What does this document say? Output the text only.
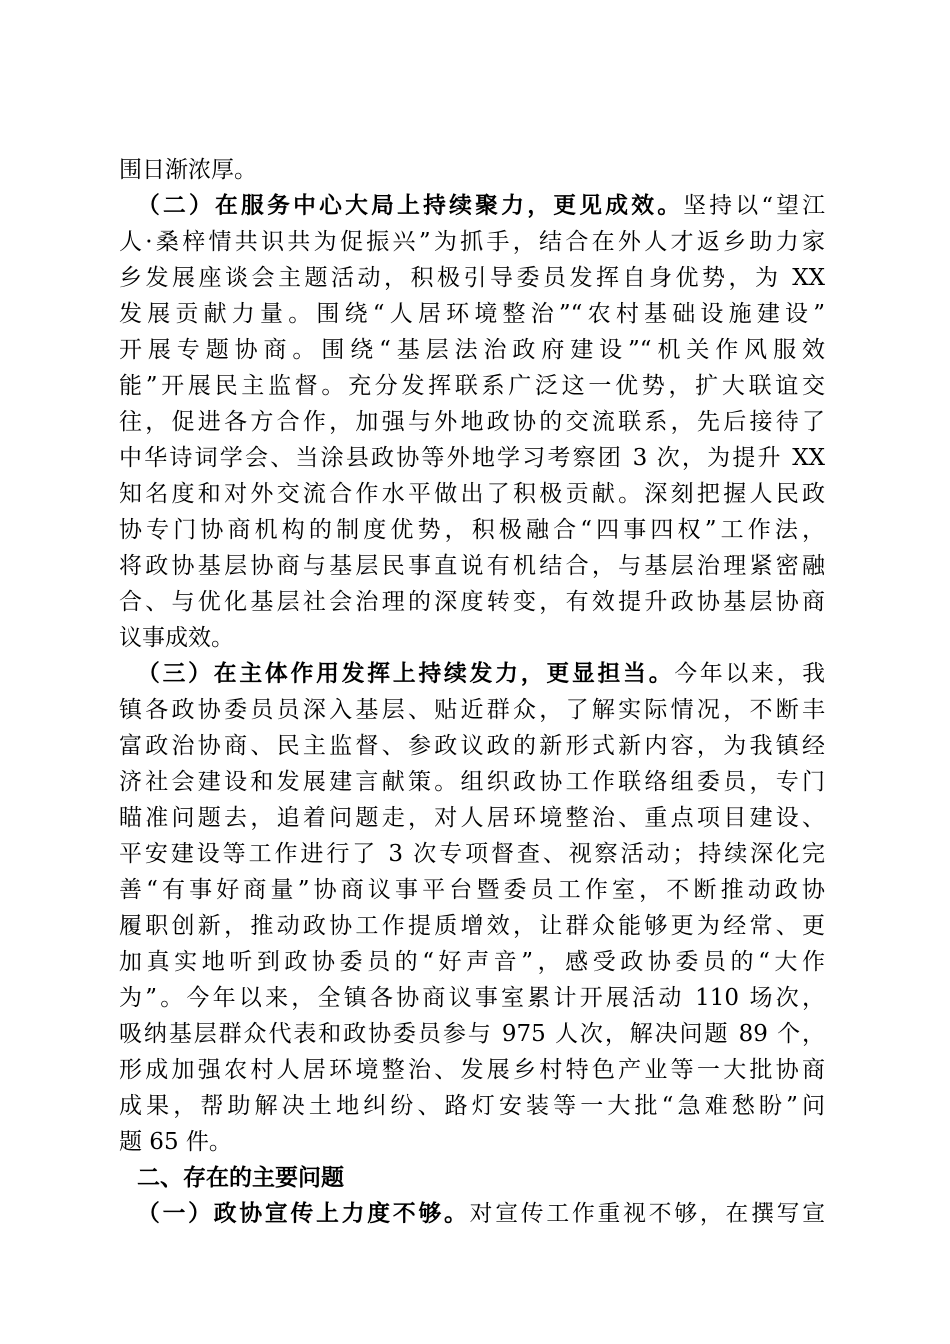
围日渐浓厚。
（二）在服务中心大局上持续聚力，更见成效。坚持以“望江
人·桑梓情共识共为促振兴”为抓手，结合在外人才返乡助力家
乡发展座谈会主题活动，积极引导委员发挥自身优势，为 XX
发展贡献力量。围绕“人居环境整治”“农村基础设施建设”
开展专题协商。围绕“基层法治政府建设”“机关作风服效
能”开展民主监督。充分发挥联系广泛这一优势，扩大联谊交
往，促进各方合作，加强与外地政协的交流联系，先后接待了
中华诗词学会、当涂县政协等外地学习考察团 3 次，为提升 XX
知名度和对外交流合作水平做出了积极贡献。深刻把握人民政
协专门协商机构的制度优势，积极融合“四事四权”工作法，
将政协基层协商与基层民事直说有机结合，与基层治理紧密融
合、与优化基层社会治理的深度转变，有效提升政协基层协商
议事成效。
（三）在主体作用发挥上持续发力，更显担当。今年以来，我
镇各政协委员员深入基层、贴近群众，了解实际情况，不断丰
富政治协商、民主监督、参政议政的新形式新内容，为我镇经
济社会建设和发展建言献策。组织政协工作联络组委员，专门
瞄准问题去，追着问题走，对人居环境整治、重点项目建设、
平安建设等工作进行了 3 次专项督查、视察活动；持续深化完
善“有事好商量”协商议事平台暨委员工作室，不断推动政协
履职创新，推动政协工作提质增效，让群众能够更为经常、更
加真实地听到政协委员的“好声音”，感受政协委员的“大作
为”。今年以来，全镇各协商议事室累计开展活动 110 场次，
吸纳基层群众代表和政协委员参与 975 人次，解决问题 89 个，
形成加强农村人居环境整治、发展乡村特色产业等一大批协商
成果，帮助解决土地纠纷、路灯安装等一大批“急难愁盼”问
题 65 件。
二、存在的主要问题
（一）政协宣传上力度不够。对宣传工作重视不够，在撰写宣
